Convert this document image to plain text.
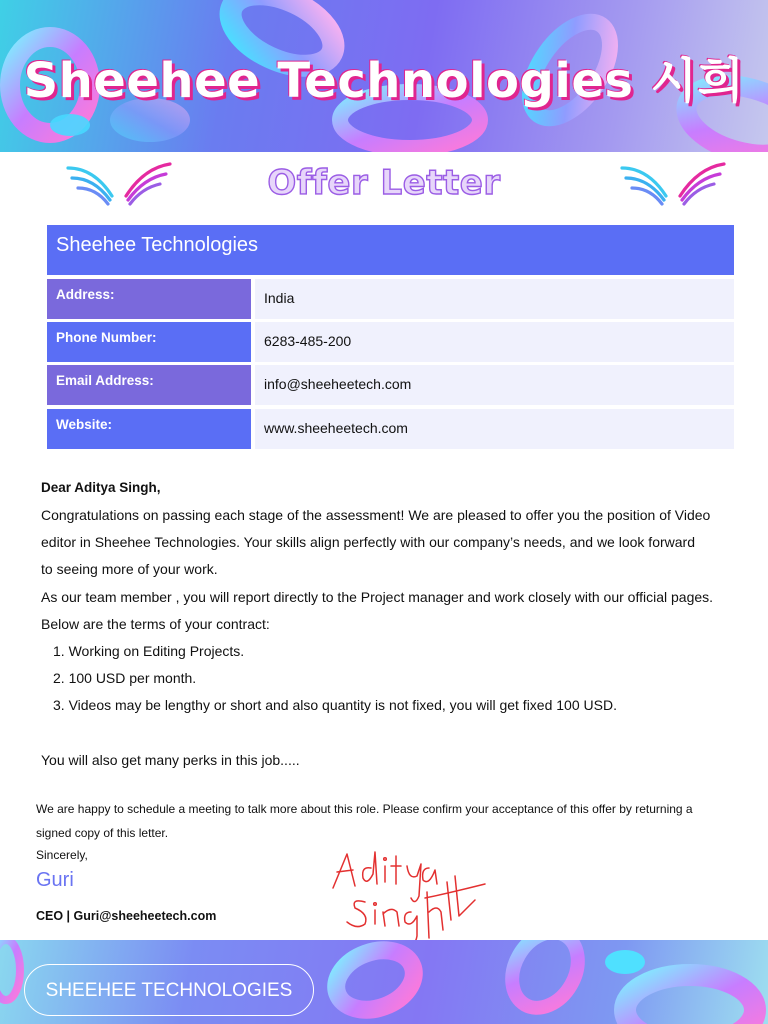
Sheehee Technologies 시희
Offer Letter
Sheehee Technologies
Address:	India
Phone Number:	6283-485-200
Email Address:	info@sheeheetech.com
Website:	www.sheeheetech.com
Dear Aditya Singh,
Congratulations on passing each stage of the assessment! We are pleased to offer you the position of Video
editor in Sheehee Technologies. Your skills align perfectly with our company’s needs, and we look forward
to seeing more of your work.
As our team member , you will report directly to the Project manager and work closely with our official pages.
Below are the terms of your contract:
1. Working on Editing Projects.
2. 100 USD per month.
3. Videos may be lengthy or short and also quantity is not fixed, you will get fixed 100 USD.
You will also get many perks in this job.....
We are happy to schedule a meeting to talk more about this role. Please confirm your acceptance of this offer by returning a
signed copy of this letter.
Sincerely,
Guri
CEO | Guri@sheeheetech.com
SHEEHEE TECHNOLOGIES
